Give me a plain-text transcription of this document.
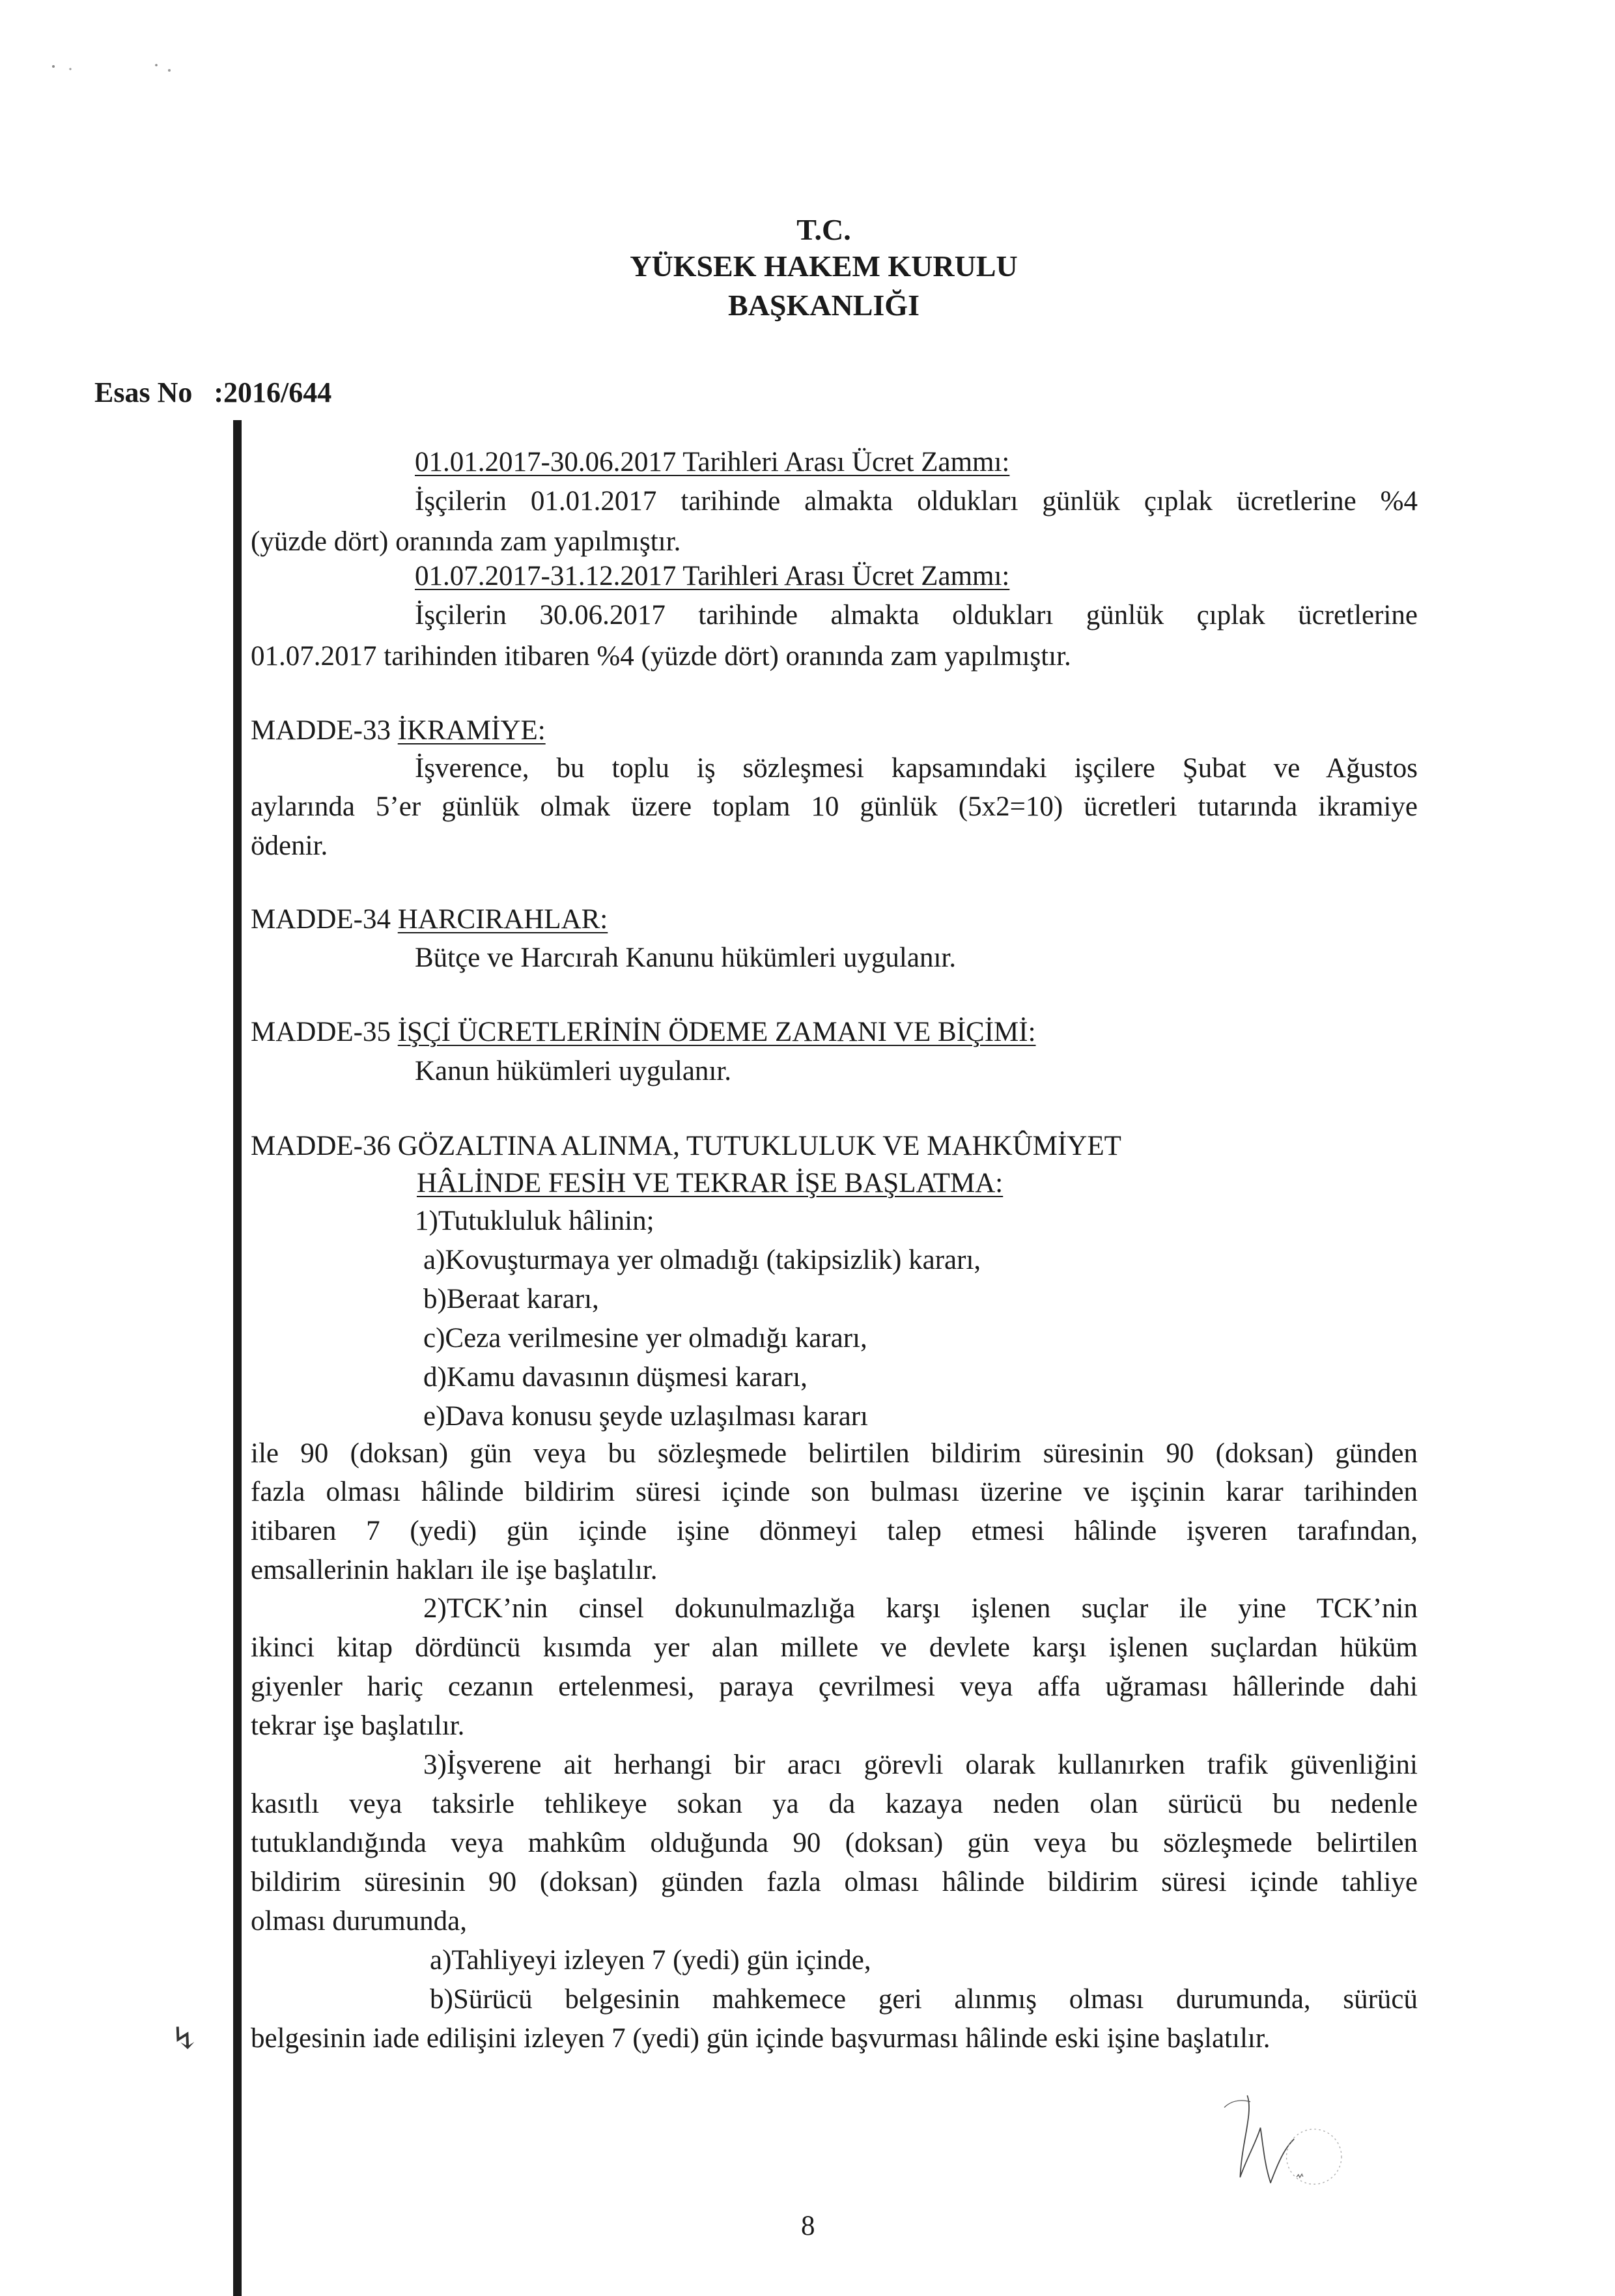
T.C.
YÜKSEK HAKEM KURULU
BAŞKANLIĞI
Esas No :2016/644
01.01.2017-30.06.2017 Tarihleri Arası Ücret Zammı:
İşçilerin 01.01.2017 tarihinde almakta oldukları günlük çıplak ücretlerine %4
(yüzde dört) oranında zam yapılmıştır.
01.07.2017-31.12.2017 Tarihleri Arası Ücret Zammı:
İşçilerin 30.06.2017 tarihinde almakta oldukları günlük çıplak ücretlerine
01.07.2017 tarihinden itibaren %4 (yüzde dört) oranında zam yapılmıştır.
MADDE-33 İKRAMİYE:
İşverence, bu toplu iş sözleşmesi kapsamındaki işçilere Şubat ve Ağustos
aylarında 5’er günlük olmak üzere toplam 10 günlük (5x2=10) ücretleri tutarında ikramiye
ödenir.
MADDE-34 HARCIRAHLAR:
Bütçe ve Harcırah Kanunu hükümleri uygulanır.
MADDE-35 İŞÇİ ÜCRETLERİNİN ÖDEME ZAMANI VE BİÇİMİ:
Kanun hükümleri uygulanır.
MADDE-36 GÖZALTINA ALINMA, TUTUKLULUK VE MAHKÛMİYET
HÂLİNDE FESİH VE TEKRAR İŞE BAŞLATMA:
1)Tutukluluk hâlinin;
a)Kovuşturmaya yer olmadığı (takipsizlik) kararı,
b)Beraat kararı,
c)Ceza verilmesine yer olmadığı kararı,
d)Kamu davasının düşmesi kararı,
e)Dava konusu şeyde uzlaşılması kararı
ile 90 (doksan) gün veya bu sözleşmede belirtilen bildirim süresinin 90 (doksan) günden
fazla olması hâlinde bildirim süresi içinde son bulması üzerine ve işçinin karar tarihinden
itibaren 7 (yedi) gün içinde işine dönmeyi talep etmesi hâlinde işveren tarafından,
emsallerinin hakları ile işe başlatılır.
2)TCK’nin cinsel dokunulmazlığa karşı işlenen suçlar ile yine TCK’nin
ikinci kitap dördüncü kısımda yer alan millete ve devlete karşı işlenen suçlardan hüküm
giyenler hariç cezanın ertelenmesi, paraya çevrilmesi veya affa uğraması hâllerinde dahi
tekrar işe başlatılır.
3)İşverene ait herhangi bir aracı görevli olarak kullanırken trafik güvenliğini
kasıtlı veya taksirle tehlikeye sokan ya da kazaya neden olan sürücü bu nedenle
tutuklandığında veya mahkûm olduğunda 90 (doksan) gün veya bu sözleşmede belirtilen
bildirim süresinin 90 (doksan) günden fazla olması hâlinde bildirim süresi içinde tahliye
olması durumunda,
a)Tahliyeyi izleyen 7 (yedi) gün içinde,
b)Sürücü belgesinin mahkemece geri alınmış olması durumunda, sürücü
belgesinin iade edilişini izleyen 7 (yedi) gün içinde başvurması hâlinde eski işine başlatılır.
↯
8
